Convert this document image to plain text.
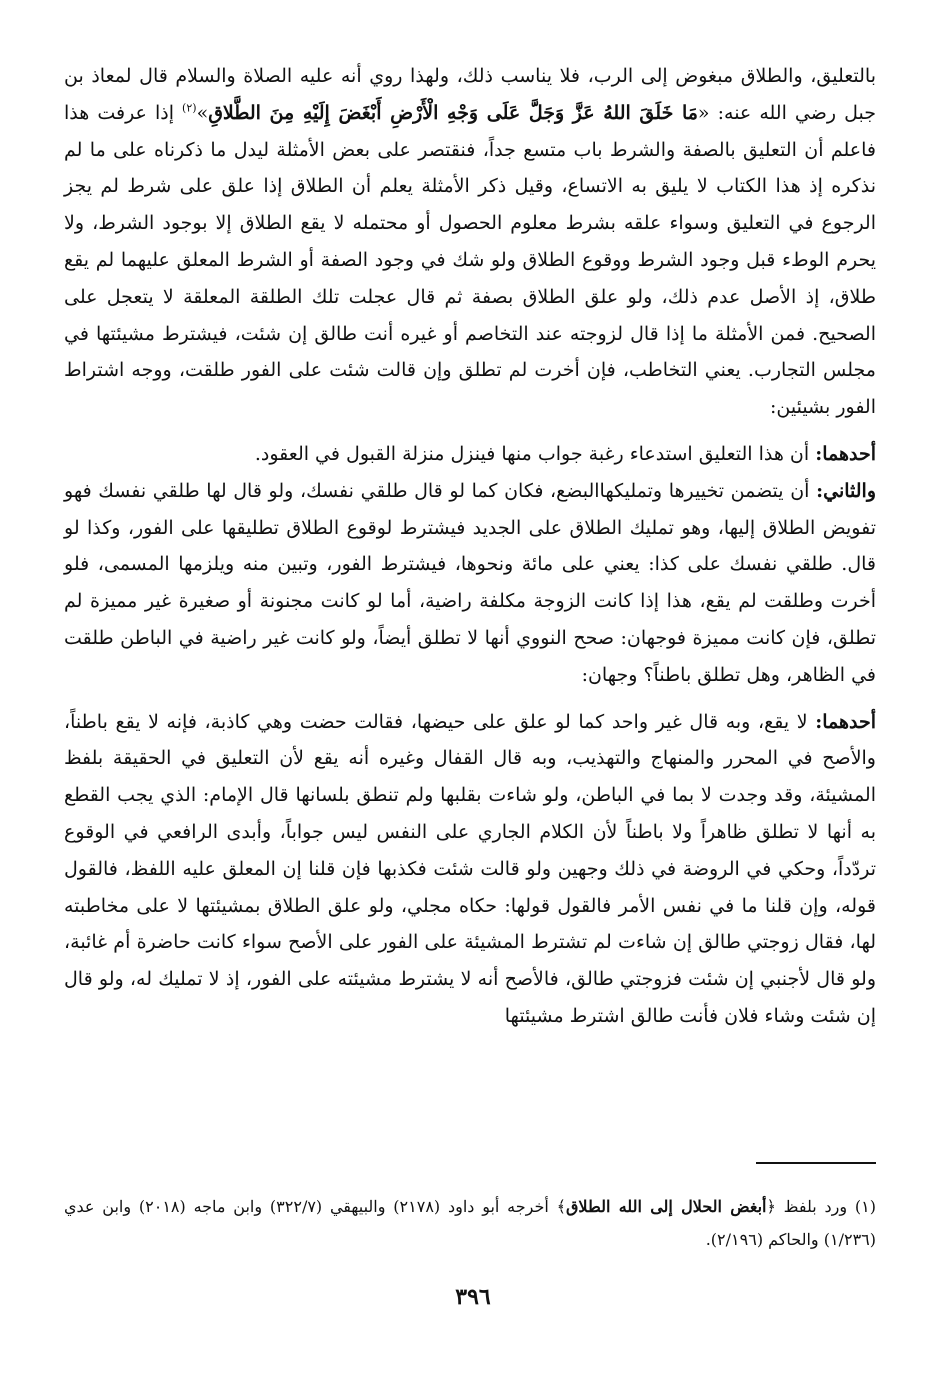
بالتعليق، والطلاق مبغوض إلى الرب، فلا يناسب ذلك، ولهذا روي أنه عليه الصلاة والسلام قال لمعاذ بن جبل رضي الله عنه: «مَا خَلَقَ اللهُ عَزَّ وَجَلَّ عَلَى وَجْهِ الْأَرْضِ أَبْغَضَ إِلَيْهِ مِنَ الطَّلاقِ»$^{(٢)}$ إذا عرفت هذا فاعلم أن التعليق بالصفة والشرط باب متسع جداً، فنقتصر على بعض الأمثلة ليدل ما ذكرناه على ما لم نذكره إذ هذا الكتاب لا يليق به الاتساع، وقيل ذكر الأمثلة يعلم أن الطلاق إذا علق على شرط لم يجز الرجوع في التعليق وسواء علقه بشرط معلوم الحصول أو محتمله لا يقع الطلاق إلا بوجود الشرط، ولا يحرم الوطء قبل وجود الشرط ووقوع الطلاق ولو شك في وجود الصفة أو الشرط المعلق عليهما لم يقع طلاق، إذ الأصل عدم ذلك، ولو علق الطلاق بصفة ثم قال عجلت تلك الطلقة المعلقة لا يتعجل على الصحيح. فمن الأمثلة ما إذا قال لزوجته عند التخاصم أو غيره أنت طالق إن شئت، فيشترط مشيئتها في مجلس التجارب. يعني التخاطب، فإن أخرت لم تطلق وإن قالت شئت على الفور طلقت، ووجه اشتراط الفور بشيئين:

أحدهما: أن هذا التعليق استدعاء رغبة جواب منها فينزل منزلة القبول في العقود.

والثاني: أن يتضمن تخييرها وتمليكهاالبضع، فكان كما لو قال طلقي نفسك، ولو قال لها طلقي نفسك فهو تفويض الطلاق إليها، وهو تمليك الطلاق على الجديد فيشترط لوقوع الطلاق تطليقها على الفور، وكذا لو قال. طلقي نفسك على كذا: يعني على مائة ونحوها، فيشترط الفور، وتبين منه ويلزمها المسمى، فلو أخرت وطلقت لم يقع، هذا إذا كانت الزوجة مكلفة راضية، أما لو كانت مجنونة أو صغيرة غير مميزة لم تطلق، فإن كانت مميزة فوجهان: صحح النووي أنها لا تطلق أيضاً، ولو كانت غير راضية في الباطن طلقت في الظاهر، وهل تطلق باطناً؟ وجهان:

أحدهما: لا يقع، وبه قال غير واحد كما لو علق على حيضها، فقالت حضت وهي كاذبة، فإنه لا يقع باطناً، والأصح في المحرر والمنهاج والتهذيب، وبه قال القفال وغيره أنه يقع لأن التعليق في الحقيقة بلفظ المشيئة، وقد وجدت لا بما في الباطن، ولو شاءت بقلبها ولم تنطق بلسانها قال الإمام: الذي يجب القطع به أنها لا تطلق ظاهراً ولا باطناً لأن الكلام الجاري على النفس ليس جواباً، وأبدى الرافعي في الوقوع تردّداً، وحكي في الروضة في ذلك وجهين ولو قالت شئت فكذبها فإن قلنا إن المعلق عليه اللفظ، فالقول قوله، وإن قلنا ما في نفس الأمر فالقول قولها: حكاه مجلي، ولو علق الطلاق بمشيئتها لا على مخاطبته لها، فقال زوجتي طالق إن شاءت لم تشترط المشيئة على الفور على الأصح سواء كانت حاضرة أم غائبة، ولو قال لأجنبي إن شئت فزوجتي طالق، فالأصح أنه لا يشترط مشيئته على الفور، إذ لا تمليك له، ولو قال إن شئت وشاء فلان فأنت طالق اشترط مشيئتها

(١) ورد بلفظ ﴿أبغض الحلال إلى الله الطلاق﴾ أخرجه أبو داود (٢١٧٨) والبيهقي (٣٢٢/٧) وابن ماجه (٢٠١٨) وابن عدي (١/٢٣٦) والحاكم (٢/١٩٦).
٣٩٦
